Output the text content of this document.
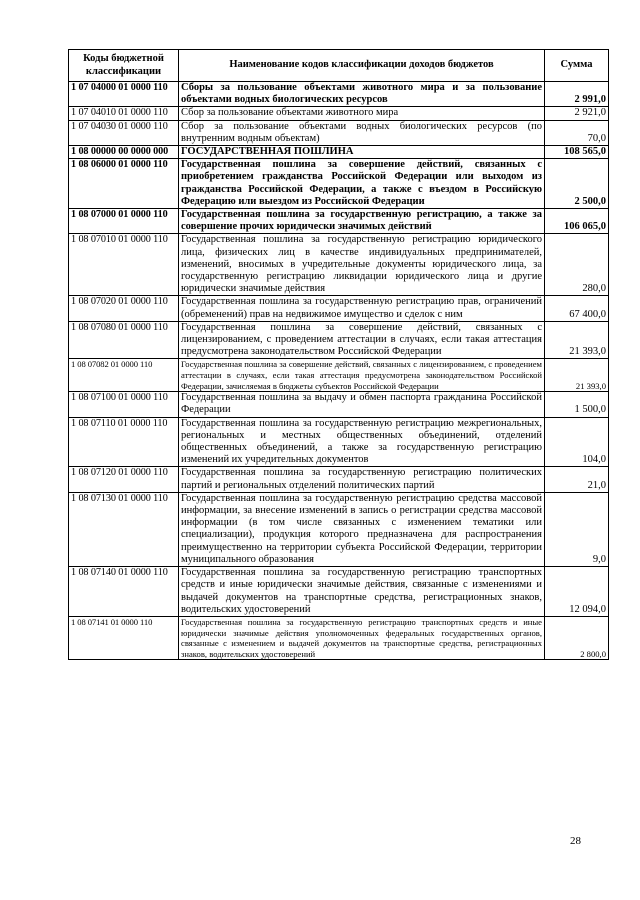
Коды бюджетной классификации	Наименование кодов классификации доходов бюджетов	Сумма
1 07 04000 01 0000 110	Сборы за пользование объектами животного мира и за пользование объектами водных биологических ресурсов	2 991,0
1 07 04010 01 0000 110	Сбор за пользование объектами животного мира	2 921,0
1 07 04030 01 0000 110	Сбор за пользование объектами водных биологических ресурсов (по внутренним водным объектам)	70,0
1 08 00000 00 0000 000	ГОСУДАРСТВЕННАЯ ПОШЛИНА	108 565,0
1 08 06000 01 0000 110	Государственная пошлина за совершение действий, связанных с приобретением гражданства Российской Федерации или выходом из гражданства Российской Федерации, а также с въездом в Российскую Федерацию или выездом из Российской Федерации	2 500,0
1 08 07000 01 0000 110	Государственная пошлина за государственную регистрацию, а также за совершение прочих юридически значимых действий	106 065,0
1 08 07010 01 0000 110	Государственная пошлина за государственную регистрацию юридического лица, физических лиц в качестве индивидуальных предпринимателей, изменений, вносимых в учредительные документы юридического лица, за государственную регистрацию ликвидации юридического лица и другие юридически значимые действия	280,0
1 08 07020 01 0000 110	Государственная пошлина за государственную регистрацию прав, ограничений (обременений) прав на недвижимое имущество и сделок с ним	67 400,0
1 08 07080 01 0000 110	Государственная пошлина за совершение действий, связанных с лицензированием, с проведением аттестации в случаях, если такая аттестация предусмотрена законодательством Российской Федерации	21 393,0
1 08 07082 01 0000 110	Государственная пошлина за совершение действий, связанных с лицензированием, с проведением аттестации в случаях, если такая аттестация предусмотрена законодательством Российской Федерации, зачисляемая в бюджеты субъектов Российской Федерации	21 393,0
1 08 07100 01 0000 110	Государственная пошлина за выдачу и обмен паспорта гражданина Российской Федерации	1 500,0
1 08 07110 01 0000 110	Государственная пошлина за государственную регистрацию межрегиональных, региональных и местных общественных объединений, отделений общественных объединений, а также за государственную регистрацию изменений их учредительных документов	104,0
1 08 07120 01 0000 110	Государственная пошлина за государственную регистрацию политических партий и региональных отделений политических партий	21,0
1 08 07130 01 0000 110	Государственная пошлина за государственную регистрацию средства массовой информации, за внесение изменений в запись о регистрации средства массовой информации (в том числе связанных с изменением тематики или специализации), продукция которого предназначена для распространения преимущественно на территории субъекта Российской Федерации, территории муниципального образования	9,0
1 08 07140 01 0000 110	Государственная пошлина за государственную регистрацию транспортных средств и иные юридически значимые действия, связанные с изменениями и выдачей документов на транспортные средства, регистрационных знаков, водительских удостоверений	12 094,0
1 08 07141 01 0000 110	Государственная пошлина за государственную регистрацию транспортных средств и иные юридически значимые действия уполномоченных федеральных государственных органов, связанные с изменением и выдачей документов на транспортные средства, регистрационных знаков, водительских удостоверений	2 800,0
28
